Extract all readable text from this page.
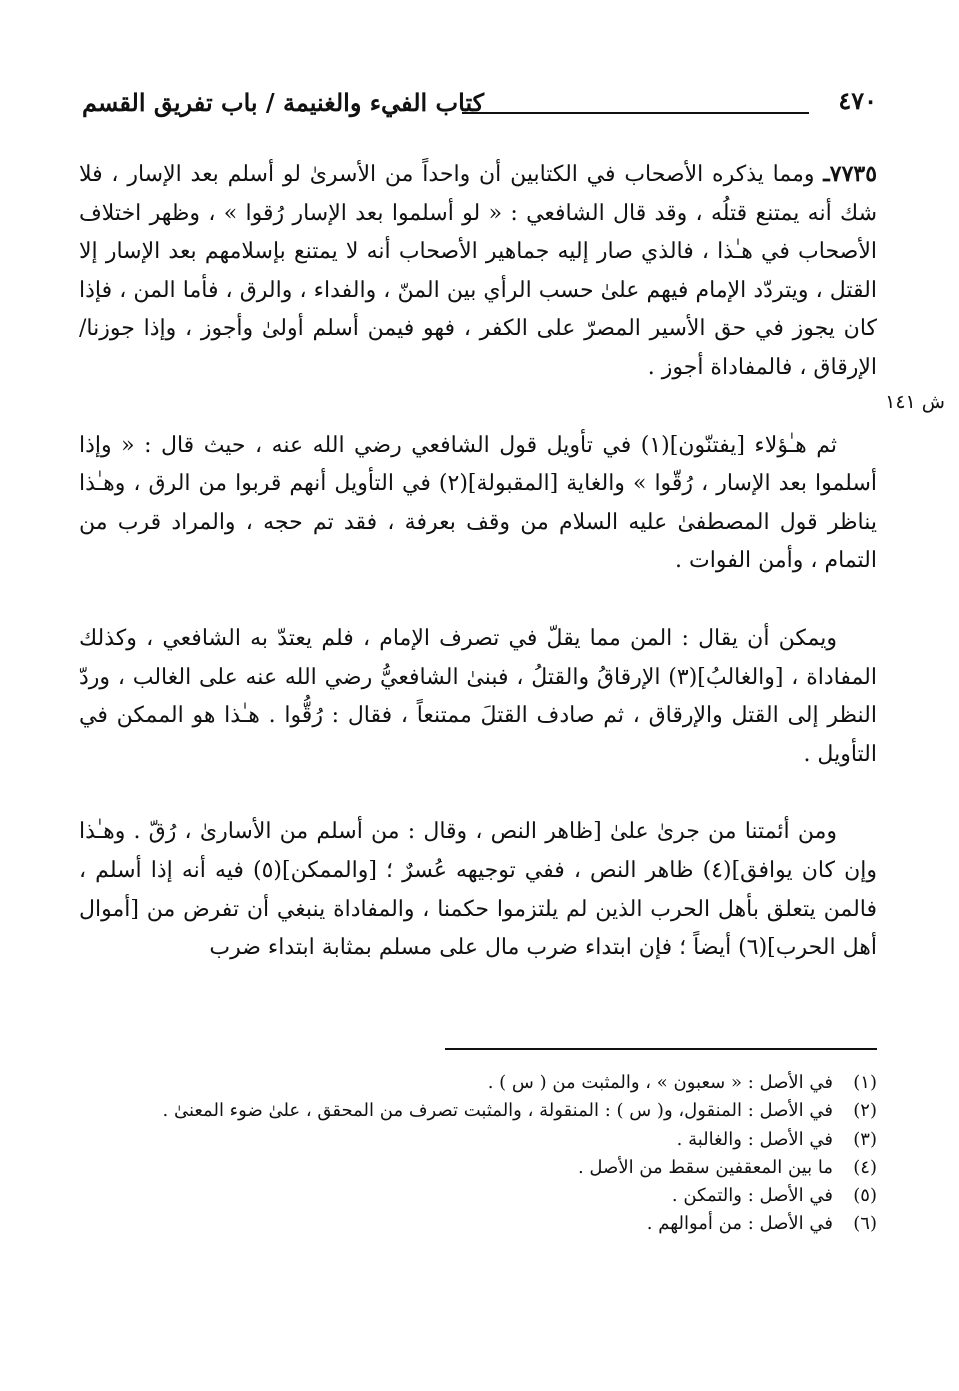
كتاب الفيء والغنيمة / باب تفريق القسم	٤٧٠

٧٧٣٥ـ ومما يذكره الأصحاب في الكتابين أن واحداً من الأسرىٰ لو أسلم بعد الإسار ، فلا شك أنه يمتنع قتلُه ، وقد قال الشافعي : « لو أسلموا بعد الإسار رُقوا » ، وظهر اختلاف الأصحاب في هـٰذا ، فالذي صار إليه جماهير الأصحاب أنه لا يمتنع بإسلامهم بعد الإسار إلا القتل ، ويتردّد الإمام فيهم علىٰ حسب الرأي بين المنّ ، والفداء ، والرق ، فأما المن ، فإذا كان يجوز في حق الأسير المصرّ على الكفر ، فهو فيمن أسلم أولىٰ وأجوز ، وإذا جوزنا/ الإرقاق ، فالمفاداة أجوز .

ثم هـٰؤلاء [يفتنّون](١) في تأويل قول الشافعي رضي الله عنه ، حيث قال : « وإذا أسلموا بعد الإسار ، رُقّوا » والغاية [المقبولة](٢) في التأويل أنهم قربوا من الرق ، وهـٰذا يناظر قول المصطفىٰ عليه السلام من وقف بعرفة ، فقد تم حجه ، والمراد قرب من التمام ، وأمن الفوات .

ويمكن أن يقال : المن مما يقلّ في تصرف الإمام ، فلم يعتدّ به الشافعي ، وكذلك المفاداة ، [والغالبُ](٣) الإرقاقُ والقتلُ ، فبنىٰ الشافعيُّ رضي الله عنه على الغالب ، وردّ النظر إلى القتل والإرقاق ، ثم صادف القتلَ ممتنعاً ، فقال : رُقُّوا . هـٰذا هو الممكن في التأويل .

ومن أئمتنا من جرىٰ علىٰ [ظاهر النص ، وقال : من أسلم من الأسارىٰ ، رُقّ . وهـٰذا وإن كان يوافق](٤) ظاهر النص ، ففي توجيهه عُسرٌ ؛ [والممكن](٥) فيه أنه إذا أسلم ، فالمن يتعلق بأهل الحرب الذين لم يلتزموا حكمنا ، والمفاداة ينبغي أن تفرض من [أموال أهل الحرب](٦) أيضاً ؛ فإن ابتداء ضرب مال على مسلم بمثابة ابتداء ضرب

ش ١٤١
(١)في الأصل : « سعبون » ، والمثبت من ( س ) .
(٢)في الأصل : المنقول، و( س ) : المنقولة ، والمثبت تصرف من المحقق ، علىٰ ضوء المعنىٰ .
(٣)في الأصل : والغالبة .
(٤)ما بين المعقفين سقط من الأصل .
(٥)في الأصل : والتمكن .
(٦)في الأصل : من أموالهم .
